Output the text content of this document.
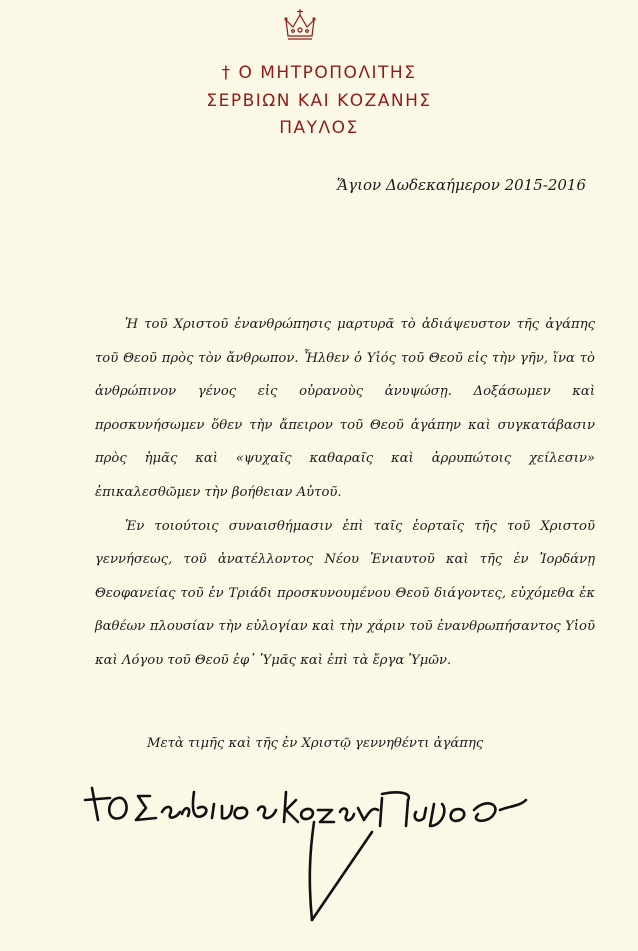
† Ο ΜΗΤΡΟΠΟΛΙΤΗΣ
ΣΕΡΒΙΩΝ ΚΑΙ ΚΟΖΑΝΗΣ
ΠΑΥΛΟΣ
Ἅγιον Δωδεκαήμερον 2015-2016

Ἡ τοῦ Χριστοῦ ἐνανθρώπησις μαρτυρᾶ τὸ ἀδιάψευστον τῆς ἀγάπης τοῦ Θεοῦ πρὸς τὸν ἄνθρωπον. Ἦλθεν ὁ Υἱός τοῦ Θεοῦ εἰς τὴν γῆν, ἵνα τὸ ἀνθρώπινον γένος εἰς οὐρανοὺς ἀνυψώσῃ. Δοξάσωμεν καὶ προσκυνήσωμεν ὅθεν τὴν ἄπειρον τοῦ Θεοῦ ἀγάπην καὶ συγκατάβασιν πρὸς ἡμᾶς καὶ «ψυχαῖς καθαραῖς καὶ ἀρρυπώτοις χείλεσιν» ἐπικαλεσθῶμεν τὴν βοήθειαν Αὐτοῦ.

Ἐν τοιούτοις συναισθήμασιν ἐπὶ ταῖς ἑορταῖς τῆς τοῦ Χριστοῦ γεννήσεως, τοῦ ἀνατέλλοντος Νέου Ἐνιαυτοῦ καὶ τῆς ἐν Ἰορδάνῃ Θεοφανείας τοῦ ἐν Τριάδι προσκυνουμένου Θεοῦ διάγοντες, εὐχόμεθα ἐκ βαθέων πλουσίαν τὴν εὐλογίαν καὶ τὴν χάριν τοῦ ἐνανθρωπήσαντος Υἱοῦ καὶ Λόγου τοῦ Θεοῦ ἐφ᾿ Ὑμᾶς καὶ ἐπὶ τὰ ἔργα Ὑμῶν.

Μετὰ τιμῆς καὶ τῆς ἐν Χριστῷ γεννηθέντι ἀγάπης
